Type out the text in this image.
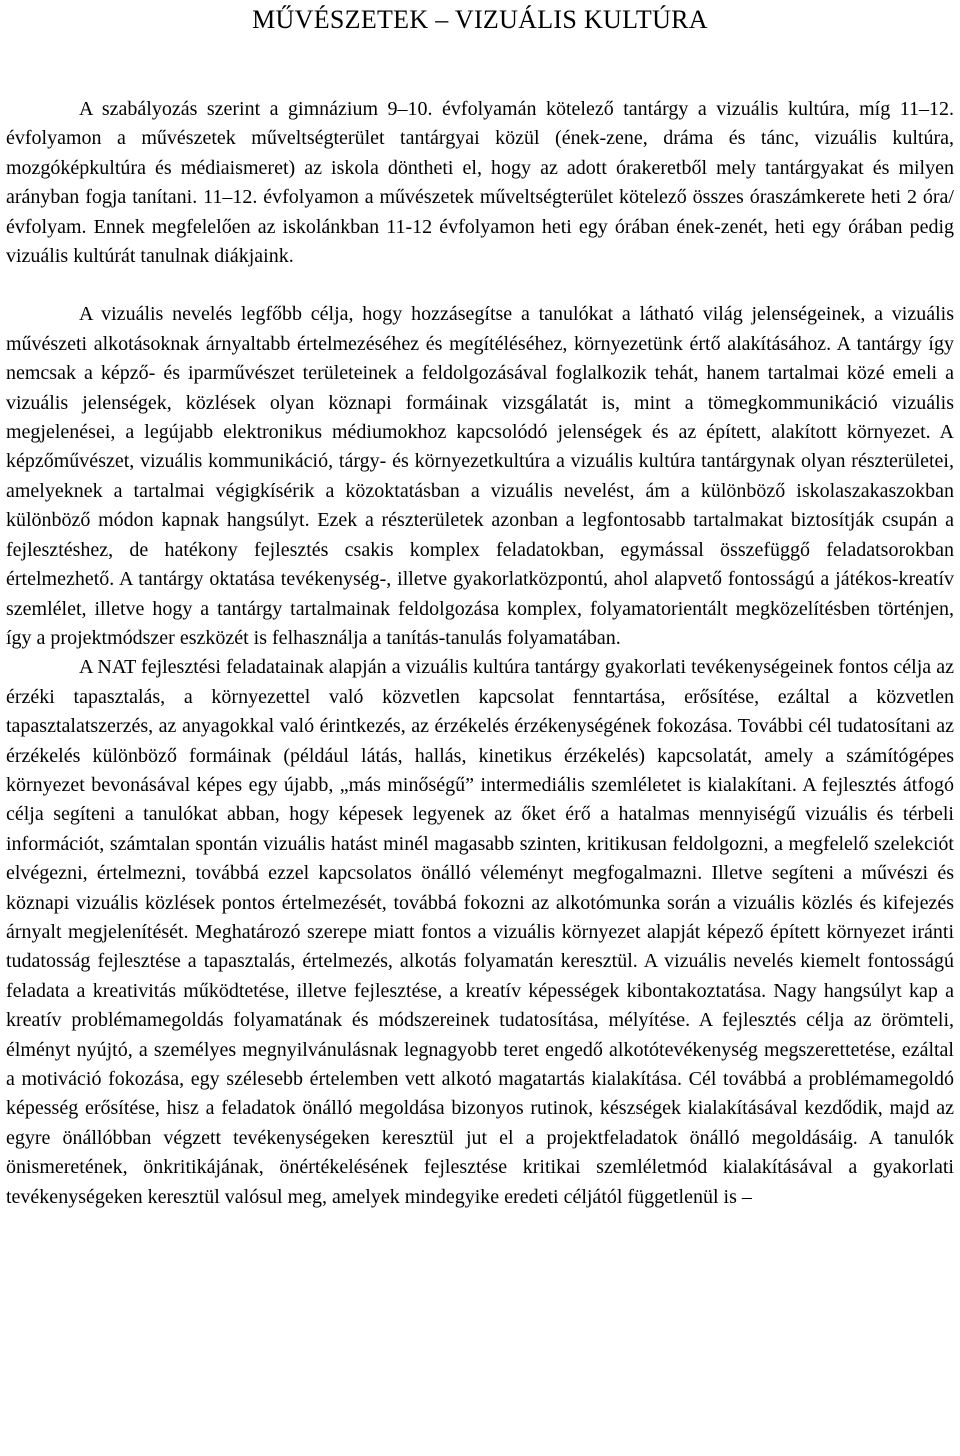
MŰVÉSZETEK – VIZUÁLIS KULTÚRA

A szabályozás szerint a gimnázium 9–10. évfolyamán kötelező tantárgy a vizuális kultúra, míg 11–12. évfolyamon a művészetek műveltségterület tantárgyai közül (ének-zene, dráma és tánc, vizuális kultúra, mozgóképkultúra és médiaismeret) az iskola döntheti el, hogy az adott órakeretből mely tantárgyakat és milyen arányban fogja tanítani. 11–12. évfolyamon a művészetek műveltségterület kötelező összes óraszámkerete heti 2 óra/évfolyam. Ennek megfelelően az iskolánkban 11-12 évfolyamon heti egy órában ének-zenét, heti egy órában pedig vizuális kultúrát tanulnak diákjaink.

A vizuális nevelés legfőbb célja, hogy hozzásegítse a tanulókat a látható világ jelenségeinek, a vizuális művészeti alkotásoknak árnyaltabb értelmezéséhez és megítéléséhez, környezetünk értő alakításához. A tantárgy így nemcsak a képző- és iparművészet területeinek a feldolgozásával foglalkozik tehát, hanem tartalmai közé emeli a vizuális jelenségek, közlések olyan köznapi formáinak vizsgálatát is, mint a tömegkommunikáció vizuális megjelenései, a legújabb elektronikus médiumokhoz kapcsolódó jelenségek és az épített, alakított környezet. A képzőművészet, vizuális kommunikáció, tárgy- és környezetkultúra a vizuális kultúra tantárgynak olyan részterületei, amelyeknek a tartalmai végigkísérik a közoktatásban a vizuális nevelést, ám a különböző iskolaszakaszokban különböző módon kapnak hangsúlyt. Ezek a részterületek azonban a legfontosabb tartalmakat biztosítják csupán a fejlesztéshez, de hatékony fejlesztés csakis komplex feladatokban, egymással összefüggő feladatsorokban értelmezhető. A tantárgy oktatása tevékenység-, illetve gyakorlatközpontú, ahol alapvető fontosságú a játékos-kreatív szemlélet, illetve hogy a tantárgy tartalmainak feldolgozása komplex, folyamatorientált megközelítésben történjen, így a projektmódszer eszközét is felhasználja a tanítás-tanulás folyamatában.

A NAT fejlesztési feladatainak alapján a vizuális kultúra tantárgy gyakorlati tevékenységeinek fontos célja az érzéki tapasztalás, a környezettel való közvetlen kapcsolat fenntartása, erősítése, ezáltal a közvetlen tapasztalatszerzés, az anyagokkal való érintkezés, az érzékelés érzékenységének fokozása. További cél tudatosítani az érzékelés különböző formáinak (például látás, hallás, kinetikus érzékelés) kapcsolatát, amely a számítógépes környezet bevonásával képes egy újabb, „más minőségű” intermediális szemléletet is kialakítani. A fejlesztés átfogó célja segíteni a tanulókat abban, hogy képesek legyenek az őket érő a hatalmas mennyiségű vizuális és térbeli információt, számtalan spontán vizuális hatást minél magasabb szinten, kritikusan feldolgozni, a megfelelő szelekciót elvégezni, értelmezni, továbbá ezzel kapcsolatos önálló véleményt megfogalmazni. Illetve segíteni a művészi és köznapi vizuális közlések pontos értelmezését, továbbá fokozni az alkotómunka során a vizuális közlés és kifejezés árnyalt megjelenítését. Meghatározó szerepe miatt fontos a vizuális környezet alapját képező épített környezet iránti tudatosság fejlesztése a tapasztalás, értelmezés, alkotás folyamatán keresztül. A vizuális nevelés kiemelt fontosságú feladata a kreativitás működtetése, illetve fejlesztése, a kreatív képességek kibontakoztatása. Nagy hangsúlyt kap a kreatív problémamegoldás folyamatának és módszereinek tudatosítása, mélyítése. A fejlesztés célja az örömteli, élményt nyújtó, a személyes megnyilvánulásnak legnagyobb teret engedő alkotótevékenység megszerettetése, ezáltal a motiváció fokozása, egy szélesebb értelemben vett alkotó magatartás kialakítása. Cél továbbá a problémamegoldó képesség erősítése, hisz a feladatok önálló megoldása bizonyos rutinok, készségek kialakításával kezdődik, majd az egyre önállóbban végzett tevékenységeken keresztül jut el a projektfeladatok önálló megoldásáig. A tanulók önismeretének, önkritikájának, önértékelésének fejlesztése kritikai szemléletmód kialakításával a gyakorlati tevékenységeken keresztül valósul meg, amelyek mindegyike eredeti céljától függetlenül is –
